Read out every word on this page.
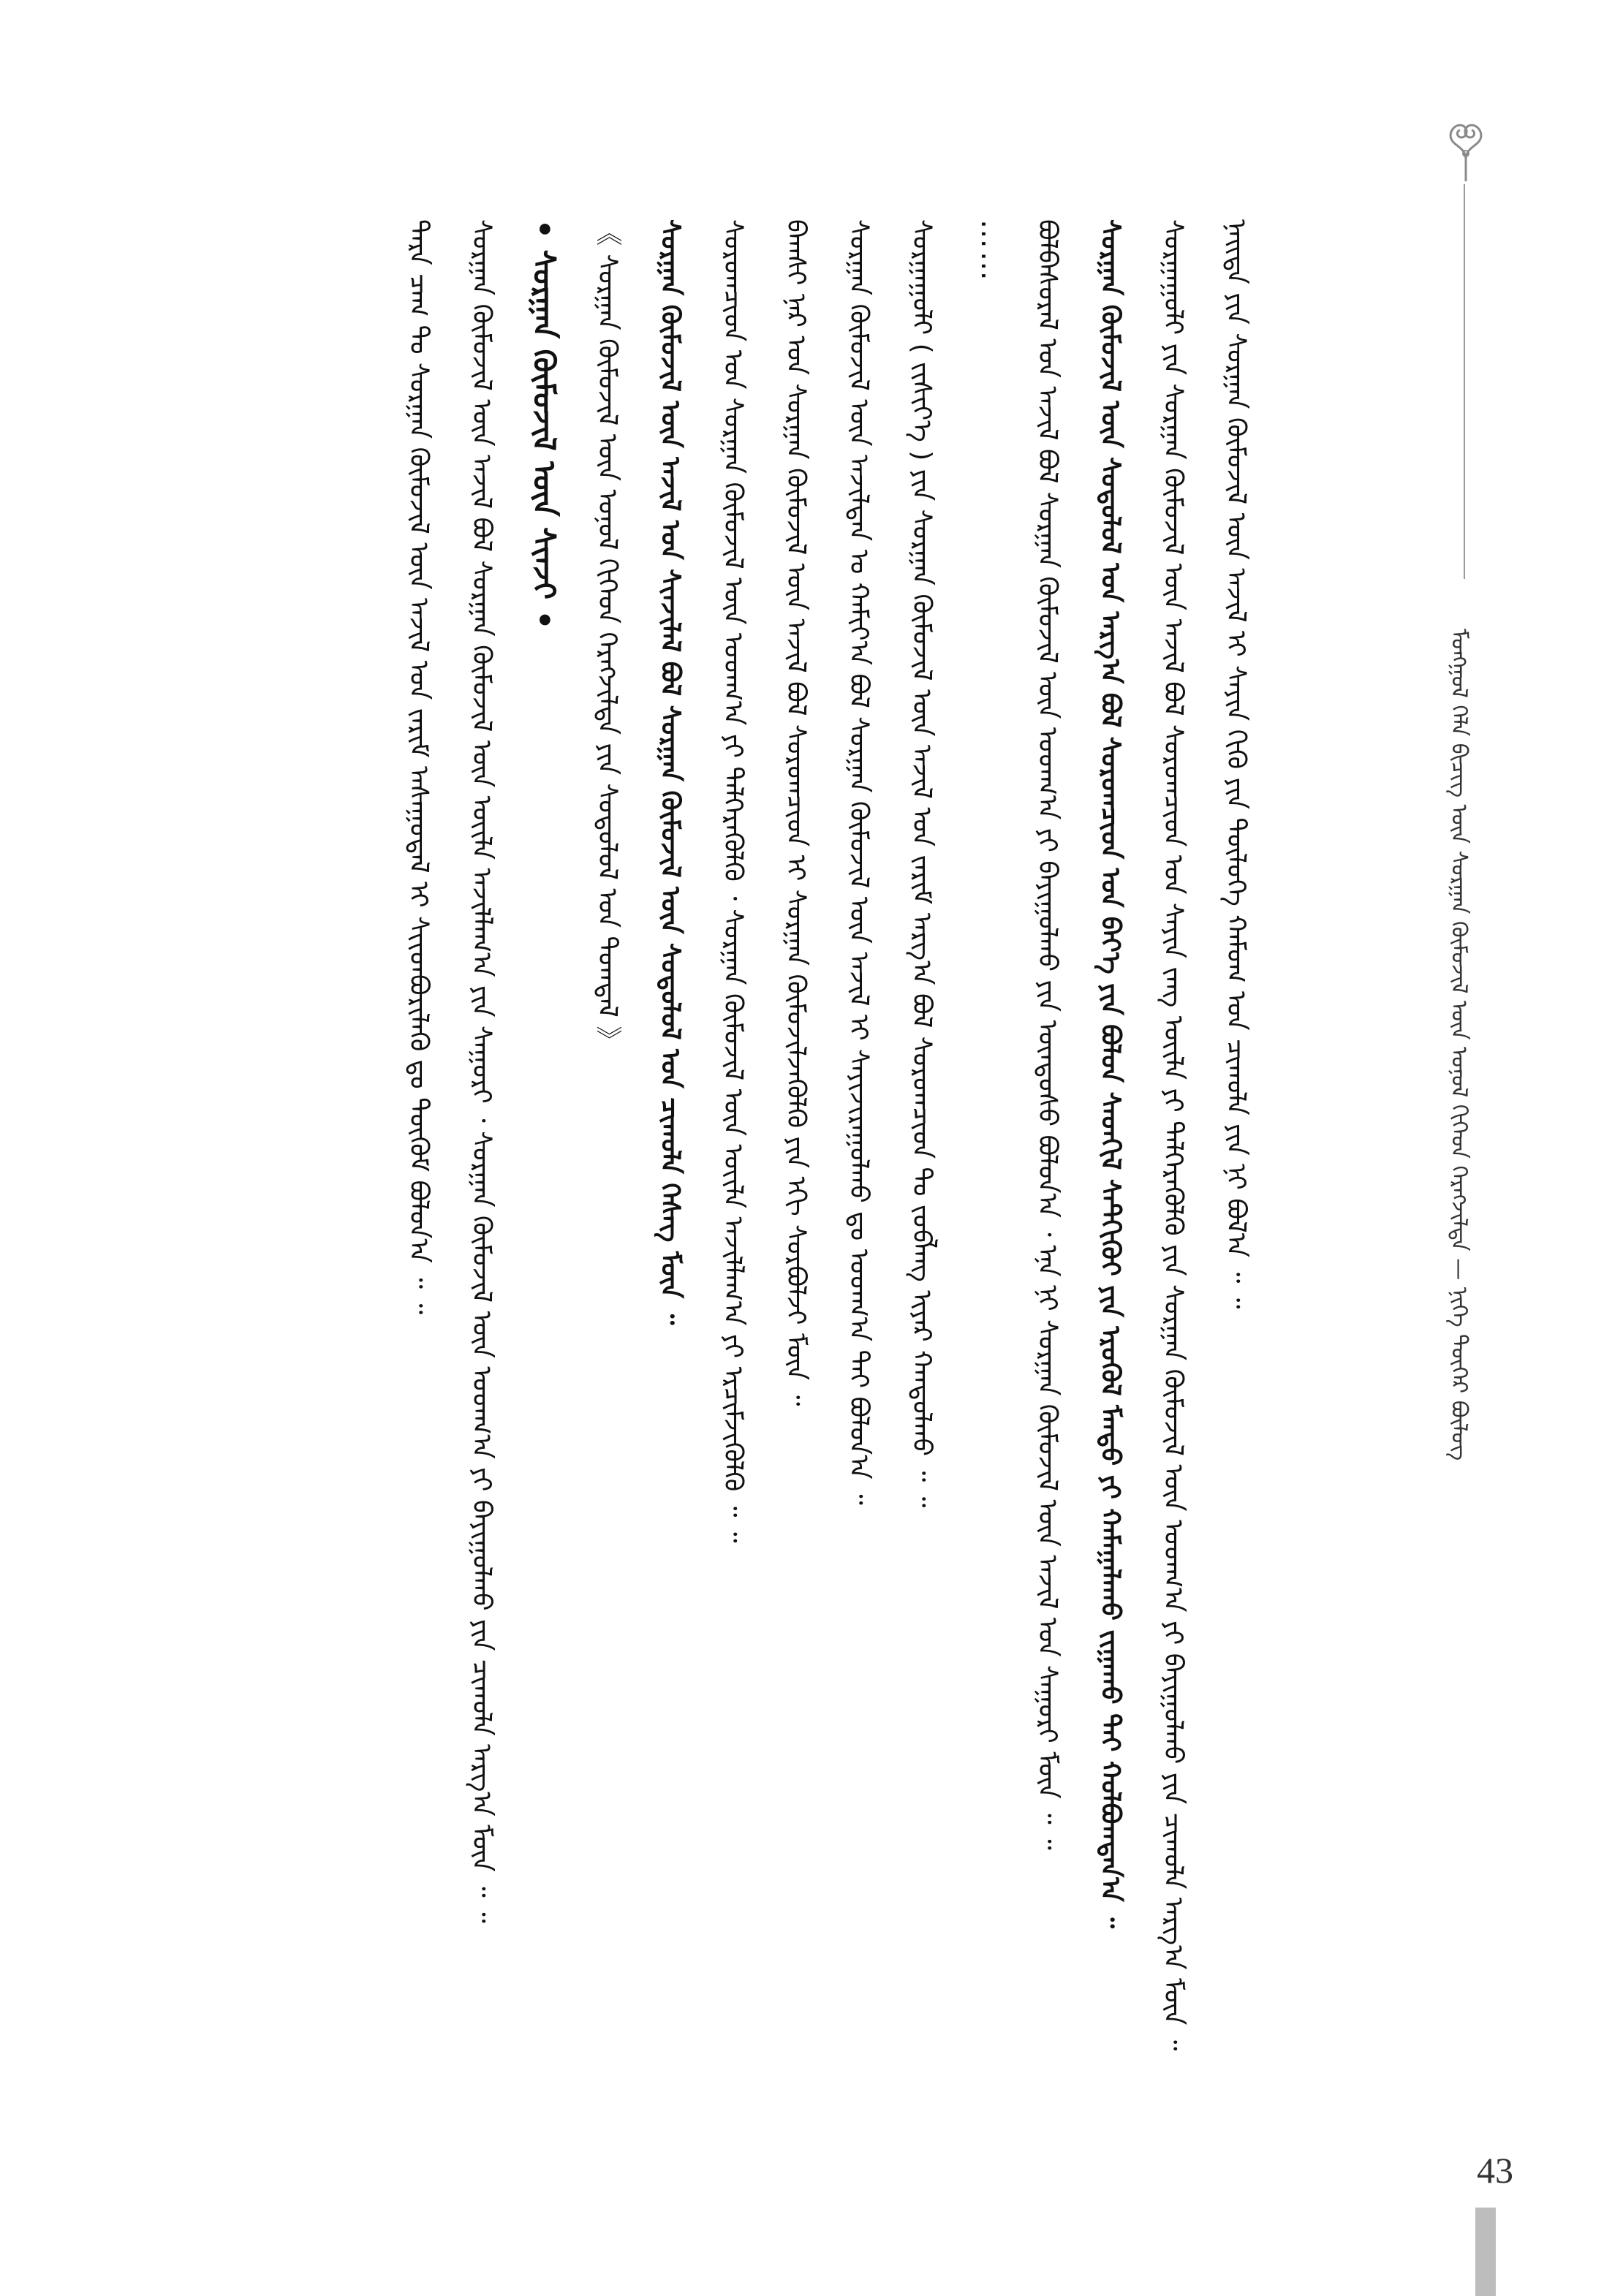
ᠮᠣᠩᠭᠣᠯ ᠬᠡᠯᠡ ᠪᠢᠴᠢᠭ᠌ ᠦᠨ ᠰᠤᠷᠭᠠᠨ ᠬᠦᠮᠦᠵᠢᠯ ᠦᠨ ᠤᠨᠤᠯ ᠬᠢᠬᠡᠳ ᠬᠡᠷᠡᠭᠵᠢᠯᠲᠡ — ᠨᠢᠭᠡ ᠳᠦᠭᠡᠷ ᠪᠦᠯᠦᠭ
ᠨᠡᠢᠲᠡ ᠶᠢᠨ ᠰᠤᠷᠭᠠᠨ ᠬᠦᠮᠦᠵᠢᠯ ᠦᠨ ᠠᠵᠢᠯ ᠢ ᠰᠠᠶᠢᠨ ᠬᠢᠬᠦ ᠶᠢᠨ ᠲᠥᠯᠥᠭᠡ ᠬᠠᠮᠤᠭ ᠤᠨ ᠴᠢᠬᠤᠯᠠ ᠶᠢᠨ ᠨᠢ ᠪᠣᠯ᠎ᠠ ᠃ ᠃
ᠰᠤᠷᠭᠠᠭᠤᠯᠢ ᠶᠢᠨ ᠰᠤᠷᠭᠠᠨ ᠬᠦᠮᠦᠵᠢᠯ ᠦᠨ ᠠᠵᠢᠯ ᠪᠣᠯ ᠰᠤᠷᠤᠭᠴᠢᠳ ᠤᠨ ᠰᠠᠶᠢᠨ ᠵᠠᠩ ᠦᠢᠯᠡ ᠶᠢ ᠲᠡᠯᠭᠡᠷᠡᠭᠦᠯᠬᠦ ᠶᠢᠨ ᠰᠤᠷᠭᠠᠨ ᠬᠦᠮᠦᠵᠢᠯ ᠦᠨ ᠤᠳᠬ᠎ᠠ ᠶᠢ ᠪᠠᠶᠢᠭᠤᠯᠬᠤ ᠶᠢᠨ ᠴᠢᠬᠤᠯᠠ ᠠᠷᠭ᠎ᠠ ᠮᠥᠨ ᠃
ᠰᠤᠷᠭᠠᠨ ᠬᠦᠮᠦᠵᠢᠯ ᠦᠨ ᠰᠤᠳᠤᠯᠤᠯ ᠤᠨ ᠠᠷᠭ᠎ᠠ ᠪᠣᠯ ᠰᠤᠷᠤᠭᠴᠢᠳ ᠤᠨ ᠪᠡᠶ᠎ᠡ ᠶᠢᠨ ᠪᠣᠯᠤᠨ ᠰᠡᠳᠬᠢᠯ ᠰᠡᠲᠬᠢᠬᠦᠢ ᠶᠢᠨ ᠡᠷᠦᠭᠦᠯ ᠮᠡᠨᠳᠦ ᠶᠢ ᠬᠠᠮᠠᠭᠠᠯᠠᠬᠤ ᠵᠢᠭᠠᠬᠤ ᠲᠡᠢ ᠬᠣᠯᠪᠣᠭᠳᠠᠨ᠎ᠠ ᠃
ᠪᠣᠯᠪᠠᠰᠤᠷᠠᠯ ᠤᠨ ᠠᠵᠢᠯ ᠪᠣᠯ ᠰᠤᠷᠭᠠᠨ ᠬᠦᠮᠦᠵᠢᠯ ᠦᠨ ᠤᠳᠬ᠎ᠠ ᠶᠢ ᠪᠠᠶᠢᠭᠤᠯᠬᠤ ᠶᠢᠨ ᠦᠨᠳᠦᠰᠦ ᠪᠣᠯᠤᠨ᠎ᠠ ᠂ ᠡᠨᠡ ᠨᠢ ᠰᠤᠷᠭᠠᠨ ᠬᠦᠮᠦᠵᠢᠯ ᠦᠨ ᠠᠵᠢᠯ ᠤᠨ ᠰᠠᠭᠤᠷᠢ ᠮᠥᠨ ᠃ ᠃
⋯⋯
ᠰᠤᠷᠭᠠᠭᠤᠯᠢ ( ᠵᠢᠱᠢᠶ᠎ᠡ ) ᠶᠢᠨ ᠰᠤᠷᠭᠠᠨ ᠬᠦᠮᠦᠵᠢᠯ ᠦᠨ ᠠᠵᠢᠯ ᠤᠨ ᠵᠠᠷᠢᠮ ᠠᠷᠭ᠎ᠠ ᠪᠣᠯ ᠰᠤᠷᠤᠭᠴᠢᠳ ᠲᠤ ᠵᠣᠪᠯᠠᠩ ᠢᠶᠠᠷ ᠬᠠᠨᠳᠤᠯᠬᠤ ᠃ ᠃
ᠰᠤᠷᠭᠠᠨ ᠬᠦᠮᠦᠵᠢᠯ ᠦᠨ ᠠᠵᠢᠯᠳᠠᠨ ᠤ ᠬᠠᠮᠢᠶ᠎ᠠ ᠪᠣᠯ ᠰᠤᠷᠭᠠᠨ ᠬᠦᠮᠦᠵᠢᠯ ᠦᠨ ᠠᠵᠢᠯ ᠢ ᠰᠠᠶᠢᠵᠢᠷᠠᠭᠤᠯᠬᠤ ᠳᠤ ᠤᠳᠬ᠎ᠠ ᠲᠡᠢ ᠪᠣᠯᠤᠨ᠎ᠠ ᠃
ᠪᠠᠭᠰᠢ ᠨᠠᠷ ᠤᠨ ᠰᠤᠷᠭᠠᠨ ᠬᠦᠮᠦᠵᠢᠯ ᠦᠨ ᠠᠵᠢᠯ ᠪᠣᠯ ᠰᠤᠷᠤᠭᠴᠢᠳ ᠢ ᠰᠤᠷᠭᠠᠨ ᠬᠦᠮᠦᠵᠢᠯᠵᠡᠭᠦᠯᠬᠦ ᠶᠢᠨ ᠡᠬᠢ ᠰᠤᠷᠪᠤᠯᠵᠢ ᠮᠥᠨ ᠃
ᠰᠤᠷᠤᠭᠴᠢᠳ ᠤᠨ ᠰᠤᠷᠭᠠᠨ ᠬᠦᠮᠦᠵᠢᠯ ᠦᠨ ᠤᠳᠬ᠎ᠠ ᠶᠢ ᠲᠡᠯᠭᠡᠷᠡᠭᠦᠯᠬᠦ ᠂ ᠰᠤᠷᠭᠠᠨ ᠬᠦᠮᠦᠵᠢᠯ ᠦᠨ ᠦᠢᠯᠡ ᠠᠵᠢᠯᠯᠠᠭ᠎ᠠ ᠶᠢ ᠡᠷᠴᠢᠮᠵᠢᠭᠦᠯᠬᠦ ᠃ ᠃
ᠰᠤᠷᠭᠠᠨ ᠬᠦᠮᠦᠵᠢᠯ ᠦᠨ ᠠᠵᠢᠯ ᠤᠨ ᠰᠢᠨᠵᠢᠯᠡᠯ ᠪᠣᠯ ᠰᠤᠷᠭᠠᠨ ᠬᠦᠮᠦᠵᠢᠯ ᠦᠨ ᠰᠤᠳᠤᠯᠤᠯ ᠤᠨ ᠴᠢᠬᠤᠯᠠ ᠬᠡᠰᠡᠭ ᠮᠥᠨ ᠃
《 ᠰᠤᠷᠭᠠᠨ ᠬᠦᠮᠦᠵᠢᠯ ᠦᠨ ᠤᠨᠤᠯ ᠬᠢᠬᠡᠳ ᠬᠡᠷᠡᠭᠵᠢᠯᠲᠡ ᠶᠢᠨ ᠰᠤᠳᠤᠯᠤᠯ ᠤᠨ ᠲᠣᠭᠲᠠᠯ 》
• ᠰᠤᠷᠭᠠᠨ ᠬᠦᠮᠦᠵᠢᠯ ᠦᠨ ᠰᠢᠨᠵᠢ •
ᠰᠤᠷᠭᠠᠨ ᠬᠦᠮᠦᠵᠢᠯ ᠦᠨ ᠠᠵᠢᠯ ᠪᠣᠯ ᠰᠤᠷᠭᠠᠨ ᠬᠦᠮᠦᠵᠢᠯ ᠦᠨ ᠦᠢᠯᠡ ᠠᠵᠢᠯᠯᠠᠭ᠎ᠠ ᠶᠢᠨ ᠰᠠᠭᠤᠷᠢ ᠂ ᠰᠤᠷᠭᠠᠨ ᠬᠦᠮᠦᠵᠢᠯ ᠦᠨ ᠤᠳᠬ᠎ᠠ ᠶᠢ ᠪᠠᠶᠢᠭᠤᠯᠬᠤ ᠶᠢᠨ ᠴᠢᠬᠤᠯᠠ ᠠᠷᠭ᠎ᠠ ᠮᠥᠨ ᠃ ᠃
ᠲᠡᠷᠡ ᠴᠠᠭ ᠲᠤ ᠰᠤᠷᠭᠠᠨ ᠬᠦᠮᠦᠵᠢᠯ ᠦᠨ ᠠᠵᠢᠯ ᠤᠨ ᠵᠠᠷᠢᠮ ᠠᠰᠠᠭᠤᠳᠠᠯ ᠢ ᠰᠢᠢᠳᠪᠦᠷᠢᠯᠡᠬᠦ ᠳᠤ ᠳᠥᠬᠦᠮ ᠪᠣᠯᠤᠨ᠎ᠠ ᠃ ᠃
43
